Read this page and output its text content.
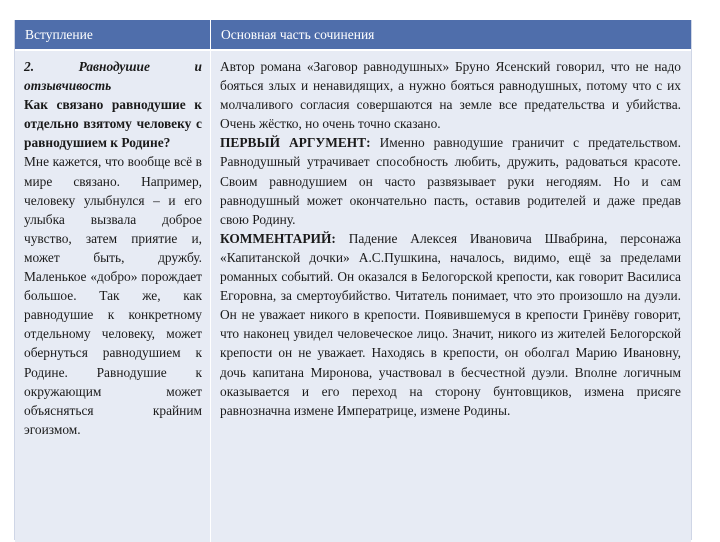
Вступление	Основная часть сочинения

2. Равнодушие и отзывчивость

Как связано равнодушие к отдельно взятому человеку с равнодушием к Родине?

Мне кажется, что вообще всё в мире связано. Например, человеку улыбнулся – и его улыбка вызвала доброе чувство, затем приятие и, может быть, дружбу. Маленькое «добро» порождает большое. Так же, как равнодушие к конкретному отдельному человеку, может обернуться равнодушием к Родине. Равнодушие к окружающим может объясняться крайним эгоизмом.

Автор романа «Заговор равнодушных» Бруно Ясенский говорил, что не надо бояться злых и ненавидящих, а нужно бояться равнодушных, потому что с их молчаливого согласия совершаются на земле все предательства и убийства. Очень жёстко, но очень точно сказано.

ПЕРВЫЙ АРГУМЕНТ: Именно равнодушие граничит с предательством. Равнодушный утрачивает способность любить, дружить, радоваться красоте. Своим равнодушием он часто развязывает руки негодяям. Но и сам равнодушный может окончательно пасть, оставив родителей и даже предав свою Родину.

КОММЕНТАРИЙ: Падение Алексея Ивановича Швабрина, персонажа «Капитанской дочки» А.С.Пушкина, началось, видимо, ещё за пределами романных событий. Он оказался в Белогорской крепости, как говорит Василиса Егоровна, за смертоубийство. Читатель понимает, что это произошло на дуэли. Он не уважает никого в крепости. Появившемуся в крепости Гринёву говорит, что наконец увидел человеческое лицо. Значит, никого из жителей Белогорской крепости он не уважает. Находясь в крепости, он оболгал Марию Ивановну, дочь капитана Миронова, участвовал в бесчестной дуэли. Вполне логичным оказывается и его переход на сторону бунтовщиков, измена присяге равнозначна измене Императрице, измене Родины.
